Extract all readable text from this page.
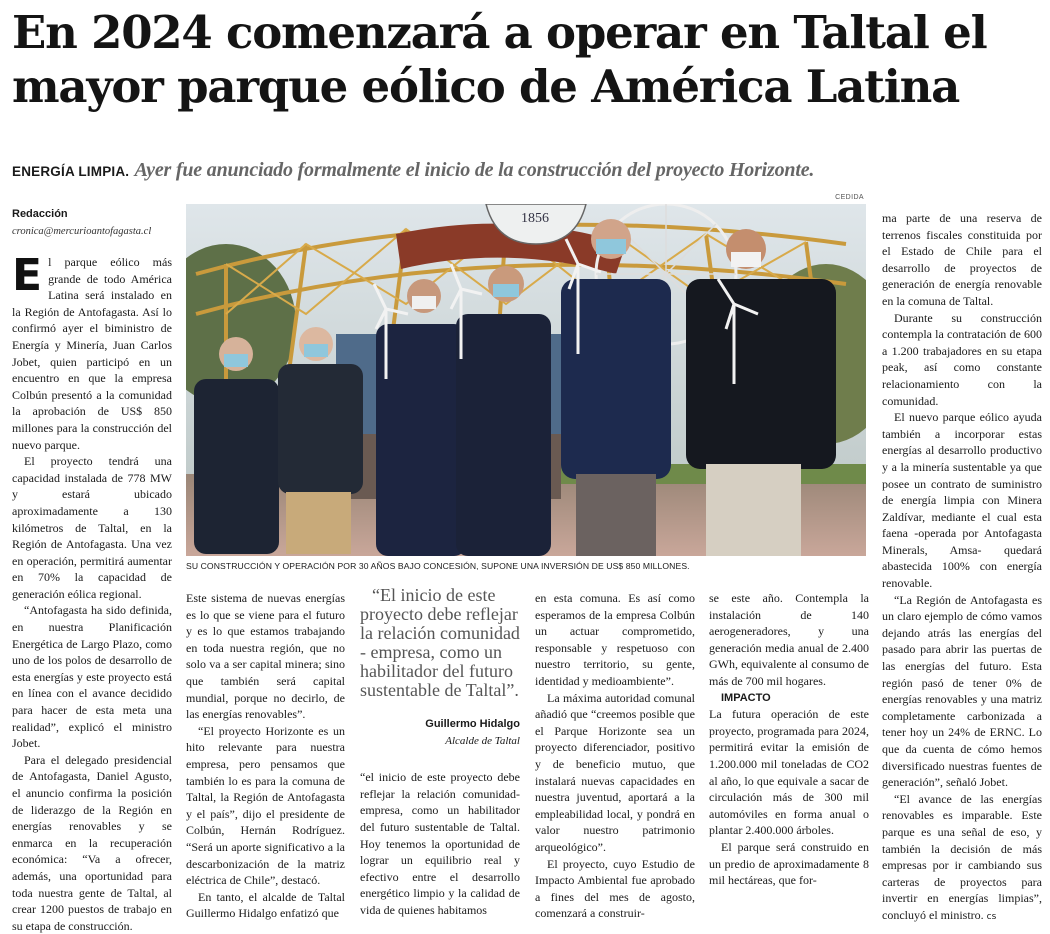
En 2024 comenzará a operar en Taltal el mayor parque eólico de América Latina

ENERGÍA LIMPIA. Ayer fue anunciado formalmente el inicio de la construcción del proyecto Horizonte.

Redacción
cronica@mercurioantofagasta.cl
CEDIDA
1856
SU CONSTRUCCIÓN Y OPERACIÓN POR 30 AÑOS BAJO CONCESIÓN, SUPONE UNA INVERSIÓN DE US$ 850 MILLONES.

El parque eólico más grande de todo América Latina será instalado en la Región de Antofagasta. Así lo confirmó ayer el biministro de Energía y Minería, Juan Carlos Jobet, quien participó en un encuentro en que la empresa Colbún presentó a la comunidad la aprobación de US$ 850 millones para la construcción del nuevo parque.

El proyecto tendrá una capacidad instalada de 778 MW y estará ubicado aproximadamente a 130 kilómetros de Taltal, en la Región de Antofagasta. Una vez en operación, permitirá aumentar en 70% la capacidad de generación eólica regional.

“Antofagasta ha sido definida, en nuestra Planificación Energética de Largo Plazo, como uno de los polos de desarrollo de esta energías y este proyecto está en línea con el avance decidido para hacer de esta meta una realidad”, explicó el ministro Jobet.

Para el delegado presidencial de Antofagasta, Daniel Agusto, el anuncio confirma la posición de liderazgo de la Región en energías renovables y se enmarca en la recuperación económica: “Va a ofrecer, además, una oportunidad para toda nuestra gente de Taltal, al crear 1200 puestos de trabajo en su etapa de construcción.

Este sistema de nuevas energías es lo que se viene para el futuro y es lo que estamos trabajando en toda nuestra región, que no solo va a ser capital minera; sino que también será capital mundial, porque no decirlo, de las energías renovables”.

“El proyecto Horizonte es un hito relevante para nuestra empresa, pero pensamos que también lo es para la comuna de Taltal, la Región de Antofagasta y el país”, dijo el presidente de Colbún, Hernán Rodríguez. “Será un aporte significativo a la descarbonización de la matriz eléctrica de Chile”, destacó.

En tanto, el alcalde de Taltal Guillermo Hidalgo enfatizó que

“El inicio de este proyecto debe reflejar la relación comunidad - empresa, como un habilitador del futuro sustentable de Taltal”.

Guillermo Hidalgo

Alcalde de Taltal

“el inicio de este proyecto debe reflejar la relación comunidad-empresa, como un habilitador del futuro sustentable de Taltal. Hoy tenemos la oportunidad de lograr un equilibrio real y efectivo entre el desarrollo energético limpio y la calidad de vida de quienes habitamos

en esta comuna. Es así como esperamos de la empresa Colbún un actuar comprometido, responsable y respetuoso con nuestro territorio, su gente, identidad y medioambiente”.

La máxima autoridad comunal añadió que “creemos posible que el Parque Horizonte sea un proyecto diferenciador, positivo y de beneficio mutuo, que instalará nuevas capacidades en nuestra juventud, aportará a la empleabilidad local, y pondrá en valor nuestro patrimonio arqueológico”.

El proyecto, cuyo Estudio de Impacto Ambiental fue aprobado a fines del mes de agosto, comenzará a construir-

se este año. Contempla la instalación de 140 aerogeneradores, y una generación media anual de 2.400 GWh, equivalente al consumo de más de 700 mil hogares.

IMPACTO

La futura operación de este proyecto, programada para 2024, permitirá evitar la emisión de 1.200.000 mil toneladas de CO2 al año, lo que equivale a sacar de circulación más de 300 mil automóviles en forma anual o plantar 2.400.000 árboles.

El parque será construido en un predio de aproximadamente 8 mil hectáreas, que for-

ma parte de una reserva de terrenos fiscales constituida por el Estado de Chile para el desarrollo de proyectos de generación de energía renovable en la comuna de Taltal.

Durante su construcción contempla la contratación de 600 a 1.200 trabajadores en su etapa peak, así como constante relacionamiento con la comunidad.

El nuevo parque eólico ayuda también a incorporar estas energías al desarrollo productivo y a la minería sustentable ya que posee un contrato de suministro de energía limpia con Minera Zaldívar, mediante el cual esta faena -operada por Antofagasta Minerals, Amsa- quedará abastecida 100% con energía renovable.

“La Región de Antofagasta es un claro ejemplo de cómo vamos dejando atrás las energías del pasado para abrir las puertas de las energías del futuro. Esta región pasó de tener 0% de energías renovables y una matriz completamente carbonizada a tener hoy un 24% de ERNC. Lo que da cuenta de cómo hemos diversificado nuestras fuentes de generación”, señaló Jobet.

“El avance de las energías renovables es imparable. Este parque es una señal de eso, y también la decisión de más empresas por ir cambiando sus carteras de proyectos para invertir en energías limpias”, concluyó el ministro. cs
